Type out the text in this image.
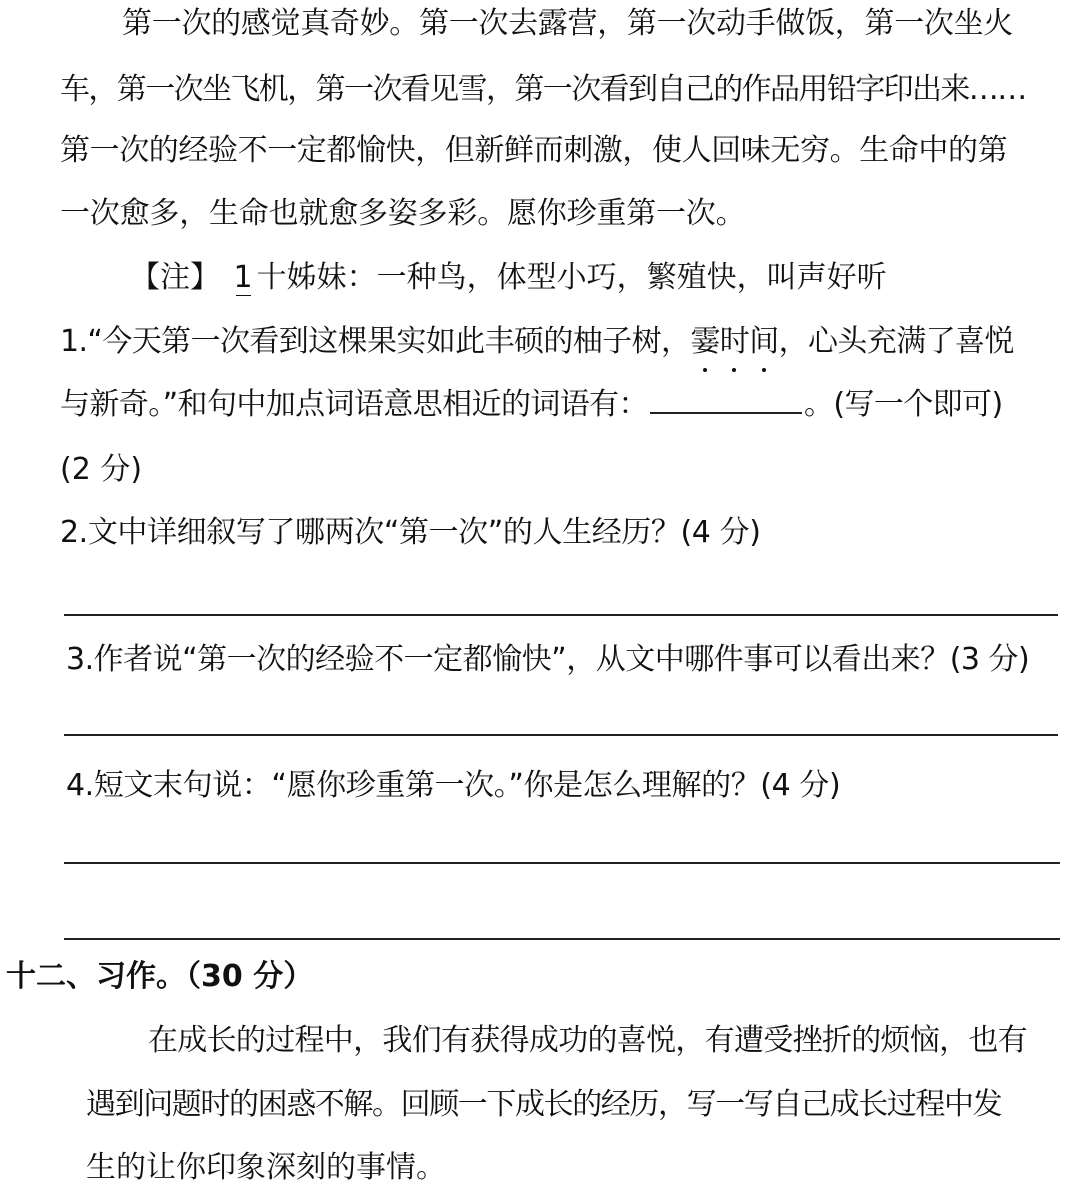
第一次的感觉真奇妙。第一次去露营，第一次动手做饭，第一次坐火
车，第一次坐飞机，第一次看见雪，第一次看到自己的作品用铅字印出来……
第一次的经验不一定都愉快，但新鲜而刺激，使人回味无穷。生命中的第
一次愈多，生命也就愈多姿多彩。愿你珍重第一次。
【注】 1 十姊妹：一种鸟，体型小巧，繁殖快，叫声好听
1.“今天第一次看到这棵果实如此丰硕的柚子树，霎时间，心头充满了喜悦
与新奇。”和句中加点词语意思相近的词语有：	。(写一个即可)
(2 分)
2.文中详细叙写了哪两次“第一次”的人生经历？(4 分)
3.作者说“第一次的经验不一定都愉快”，从文中哪件事可以看出来？(3 分)
4.短文末句说：“愿你珍重第一次。”你是怎么理解的？(4 分)
十二、习作。（30 分）
在成长的过程中，我们有获得成功的喜悦，有遭受挫折的烦恼，也有
遇到问题时的困惑不解。回顾一下成长的经历，写一写自己成长过程中发
生的让你印象深刻的事情。
